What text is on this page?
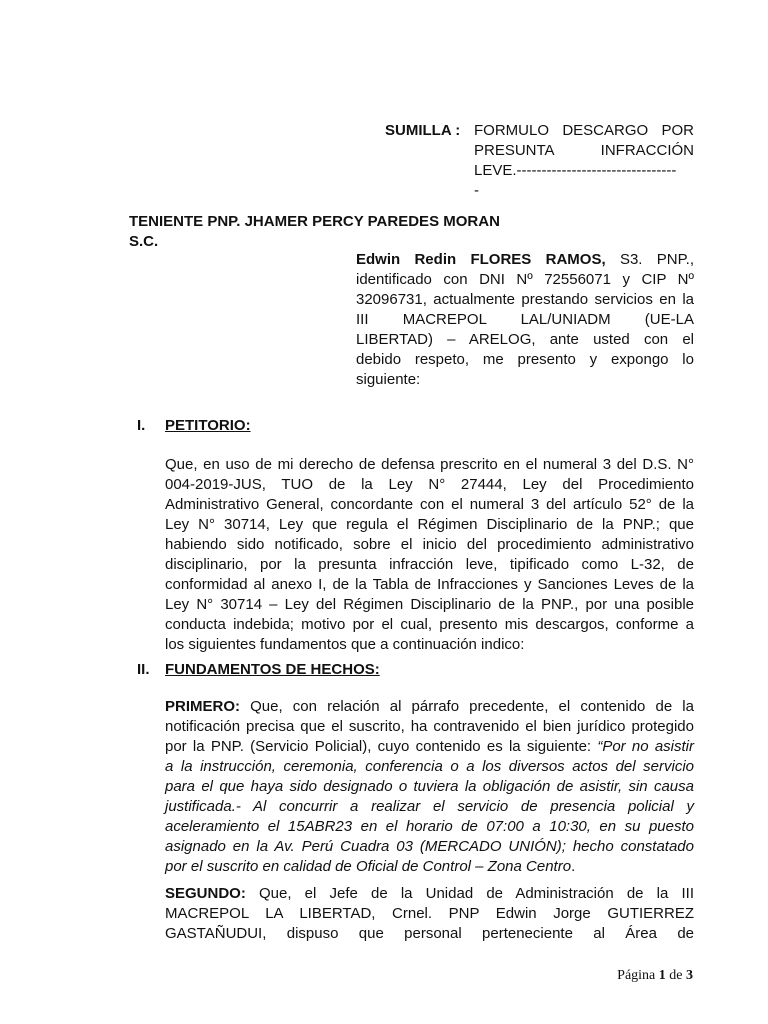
SUMILLA : FORMULO DESCARGO POR
PRESUNTA INFRACCIÓN
LEVE.--------------------------------
-
TENIENTE PNP. JHAMER PERCY PAREDES MORAN
S.C.
Edwin Redin FLORES RAMOS, S3. PNP.,
identificado con DNI Nº 72556071 y CIP Nº
32096731, actualmente prestando servicios en la
III MACREPOL LAL/UNIADM (UE-LA
LIBERTAD) – ARELOG, ante usted con el
debido respeto, me presento y expongo lo
siguiente:
I. PETITORIO:
Que, en uso de mi derecho de defensa prescrito en el numeral 3 del D.S. N°
004-2019-JUS, TUO de la Ley N° 27444, Ley del Procedimiento
Administrativo General, concordante con el numeral 3 del artículo 52° de la
Ley N° 30714, Ley que regula el Régimen Disciplinario de la PNP.; que
habiendo sido notificado, sobre el inicio del procedimiento administrativo
disciplinario, por la presunta infracción leve, tipificado como L-32, de
conformidad al anexo I, de la Tabla de Infracciones y Sanciones Leves de la
Ley N° 30714 – Ley del Régimen Disciplinario de la PNP., por una posible
conducta indebida; motivo por el cual, presento mis descargos, conforme a
los siguientes fundamentos que a continuación indico:
II. FUNDAMENTOS DE HECHOS:
PRIMERO: Que, con relación al párrafo precedente, el contenido de la
notificación precisa que el suscrito, ha contravenido el bien jurídico protegido
por la PNP. (Servicio Policial), cuyo contenido es la siguiente: “Por no asistir
a la instrucción, ceremonia, conferencia o a los diversos actos del servicio
para el que haya sido designado o tuviera la obligación de asistir, sin causa
justificada.- Al concurrir a realizar el servicio de presencia policial y
aceleramiento el 15ABR23 en el horario de 07:00 a 10:30, en su puesto
asignado en la Av. Perú Cuadra 03 (MERCADO UNIÓN); hecho constatado
por el suscrito en calidad de Oficial de Control – Zona Centro.
SEGUNDO: Que, el Jefe de la Unidad de Administración de la III
MACREPOL LA LIBERTAD, Crnel. PNP Edwin Jorge GUTIERREZ
GASTAÑUDUI, dispuso que personal perteneciente al Área de
Página 1 de 3
